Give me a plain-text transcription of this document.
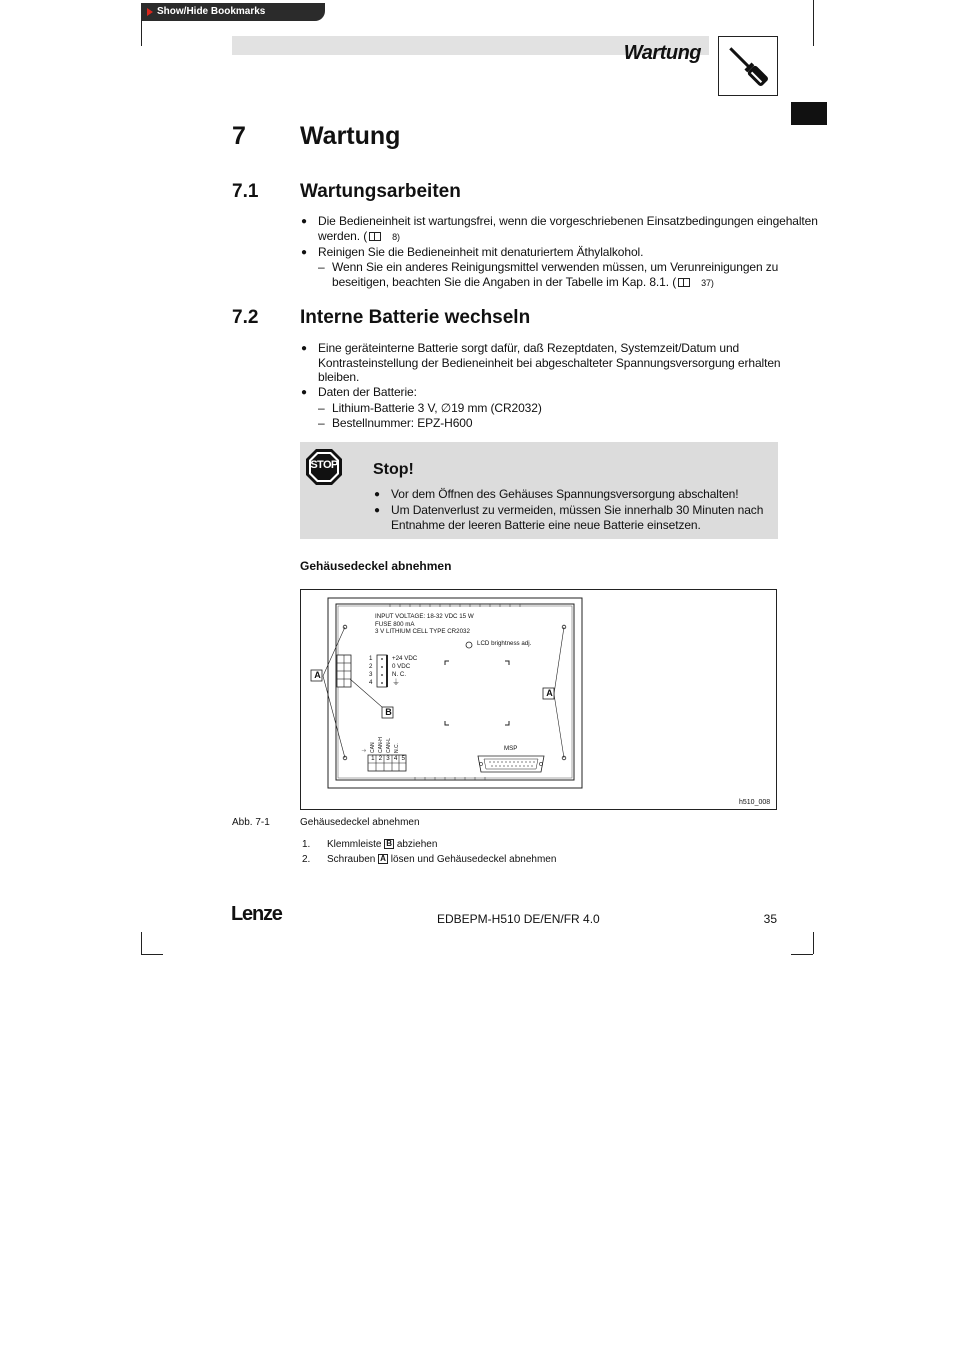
Show/Hide Bookmarks
Wartung
7 Wartung
7.1 Wartungsarbeiten
● Die Bedieneinheit ist wartungsfrei, wenn die vorgeschriebenen Einsatzbedingungen eingehalten
werden. (	8)
● Reinigen Sie die Bedieneinheit mit denaturiertem Äthylalkohol.
– Wenn Sie ein anderes Reinigungsmittel verwenden müssen, um Verunreinigungen zu
beseitigen, beachten Sie die Angaben in der Tabelle im Kap. 8.1. (	37)
7.2 Interne Batterie wechseln
● Eine geräteinterne Batterie sorgt dafür, daß Rezeptdaten, Systemzeit/Datum und
Kontrasteinstellung der Bedieneinheit bei abgeschalteter Spannungsversorgung erhalten
bleiben.
● Daten der Batterie:
– Lithium-Batterie 3 V, ∅19 mm (CR2032)
– Bestellnummer: EPZ-H600
STOP	Stop!
● Vor dem Öffnen des Gehäuses Spannungsversorgung abschalten!
● Um Datenverlust zu vermeiden, müssen Sie innerhalb 30 Minuten nach
Entnahme der leeren Batterie eine neue Batterie einsetzen.
Gehäusedeckel abnehmen
INPUT VOLTAGE: 18-32 VDC 15 W
FUSE 800 mA
3 V LITHIUM CELL TYPE CR2032
LCD brightness adj.
1
2
3
4
+24 VDC
0 VDC
N. C.
⏚
A
A
B
1 2 3 4 5
⏚ CAN CAN-H CAN-L N.C.	MSP
h510_008
Abb. 7-1	Gehäusedeckel abnehmen
1. Klemmleiste B abziehen
2. Schrauben A lösen und Gehäusedeckel abnehmen
Lenze	EDBEPM-H510 DE/EN/FR 4.0	35
